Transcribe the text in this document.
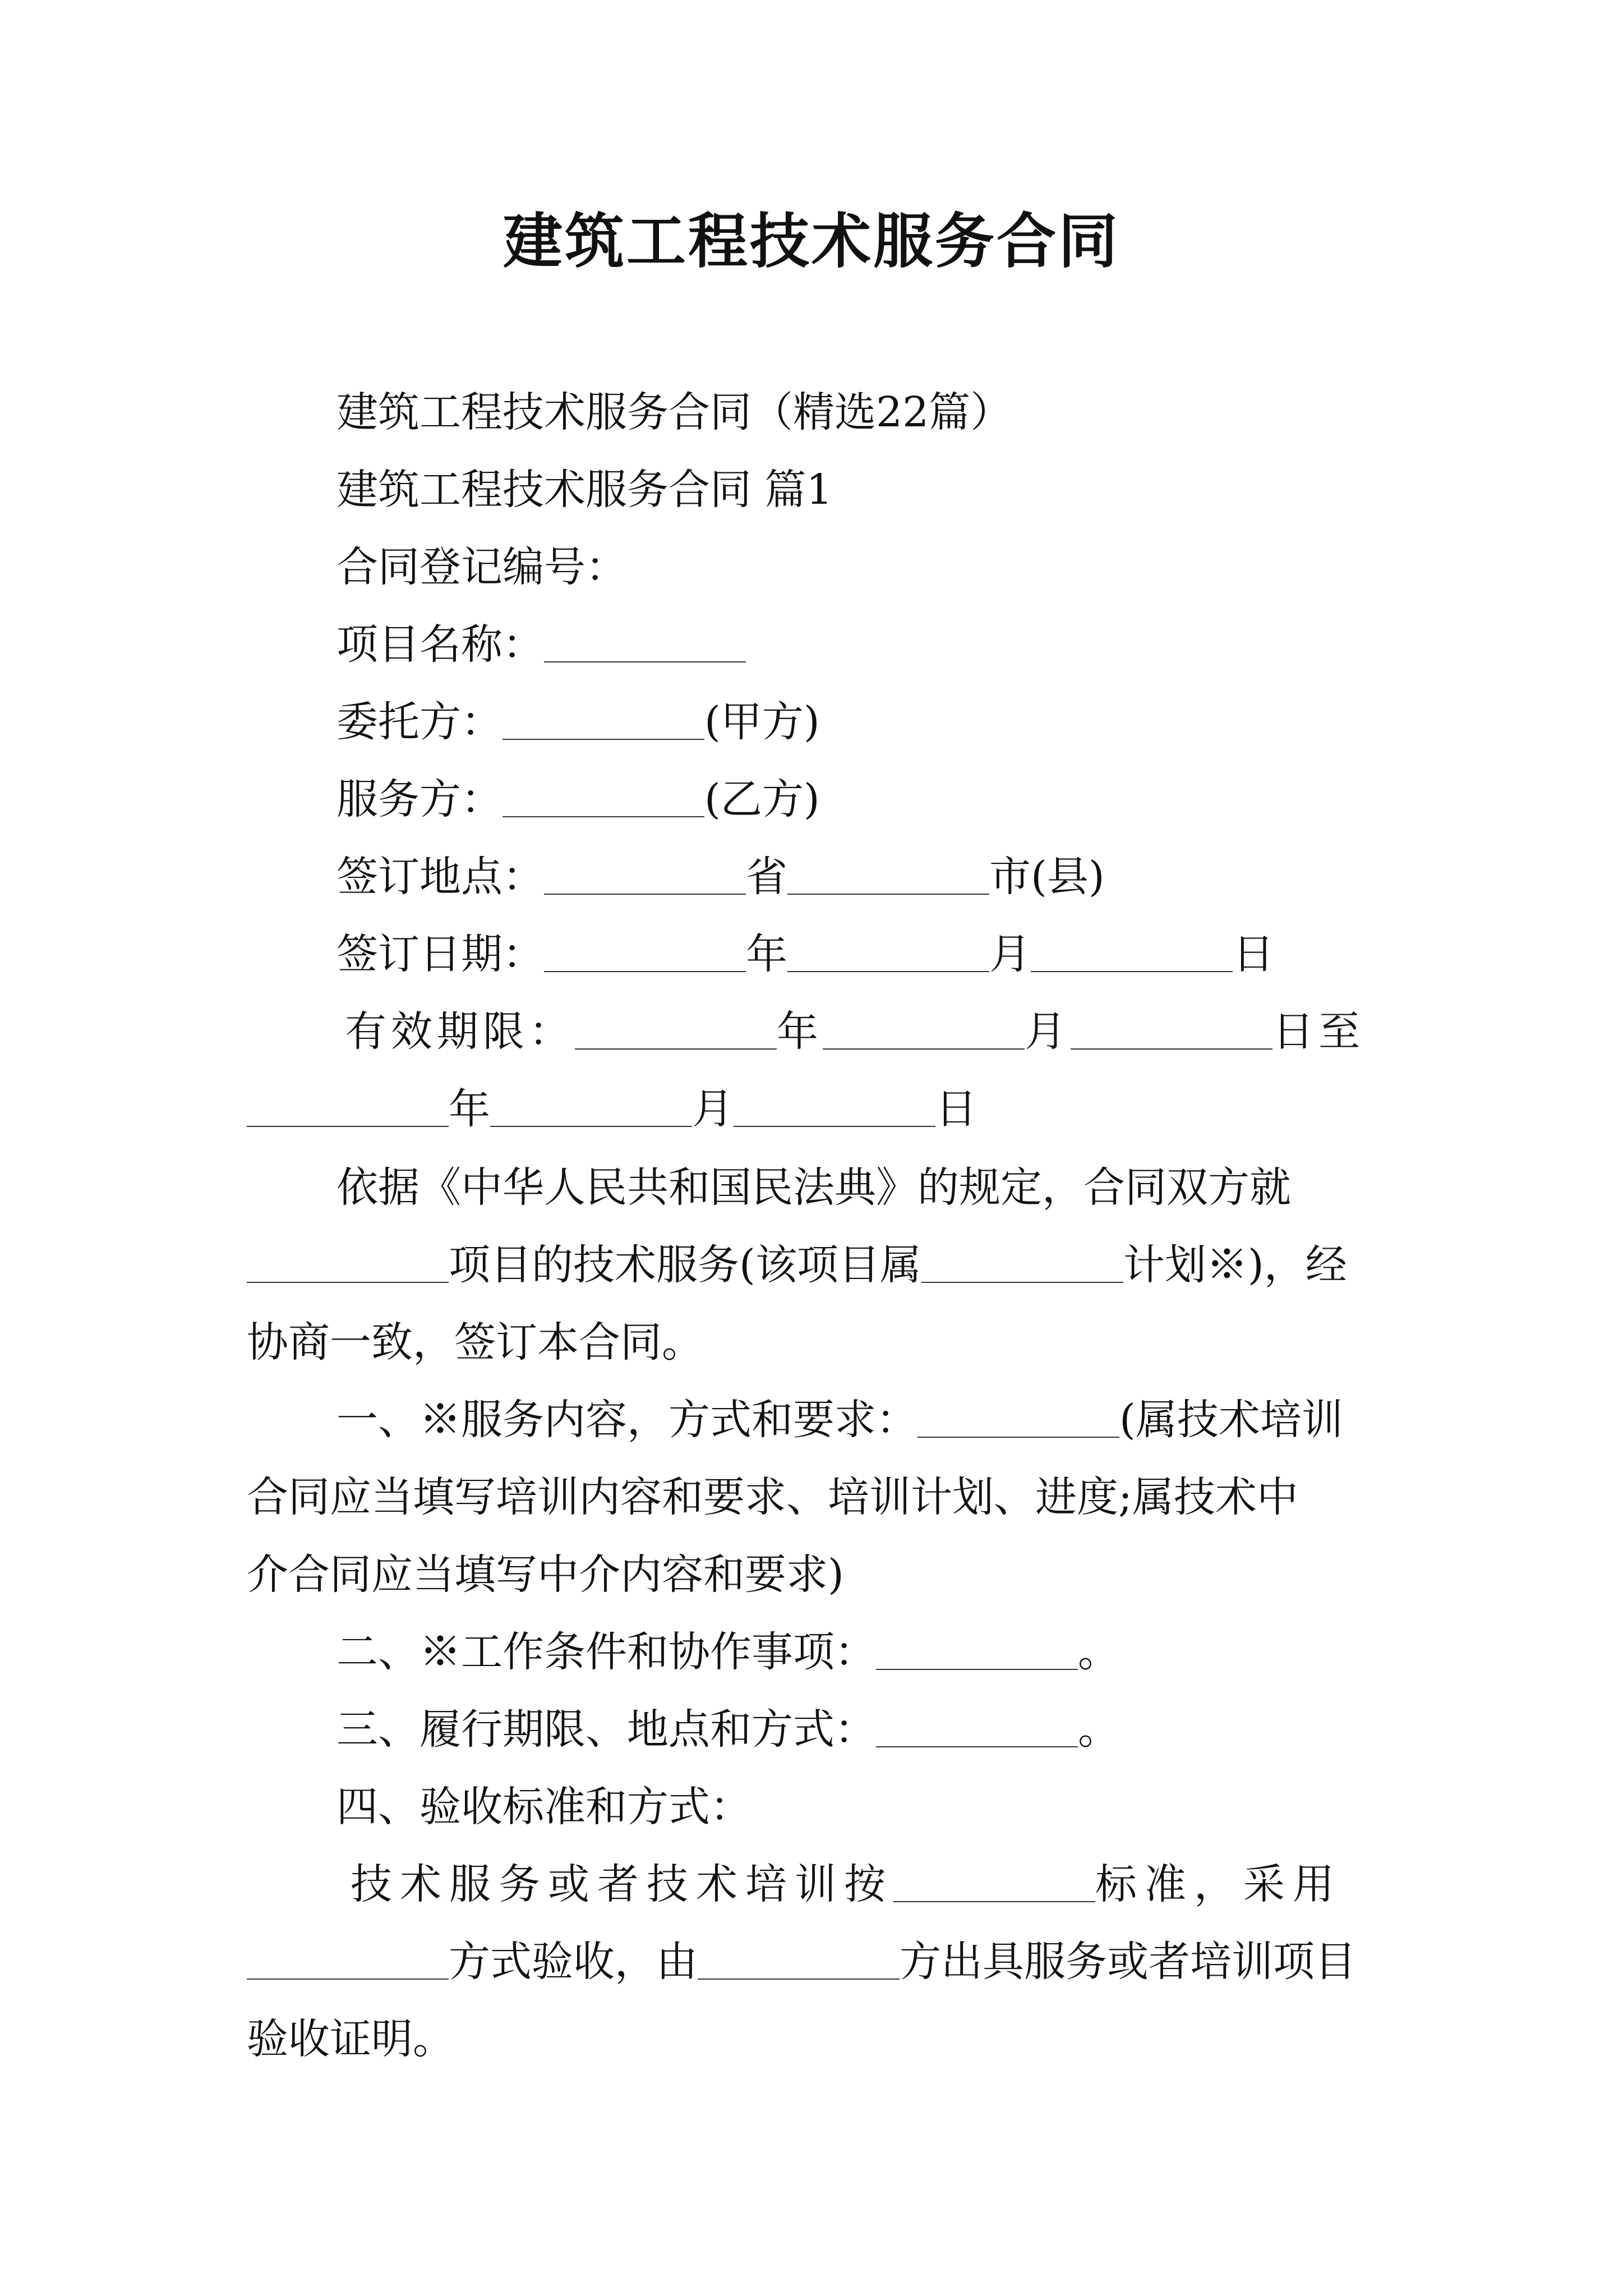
建筑工程技术服务合同
建筑工程技术服务合同（精选22篇）
建筑工程技术服务合同 篇1
合同登记编号：
项目名称：
委托方：	(甲方)
服务方：	(乙方)
签订地点：	省	市(县)
签订日期：	年	月	日
有效期限：	年	月	日至
年	月	日
依据《中华人民共和国民法典》的规定，合同双方就
项目的技术服务(该项目属	计划※)，经
协商一致，签订本合同。
一、※服务内容，方式和要求：	(属技术培训
合同应当填写培训内容和要求、培训计划、进度;属技术中
介合同应当填写中介内容和要求)
二、※工作条件和协作事项：	。
三、履行期限、地点和方式：	。
四、验收标准和方式：
技术服务或者技术培训按	标准，采用
方式验收，由	方出具服务或者培训项目
验收证明。
